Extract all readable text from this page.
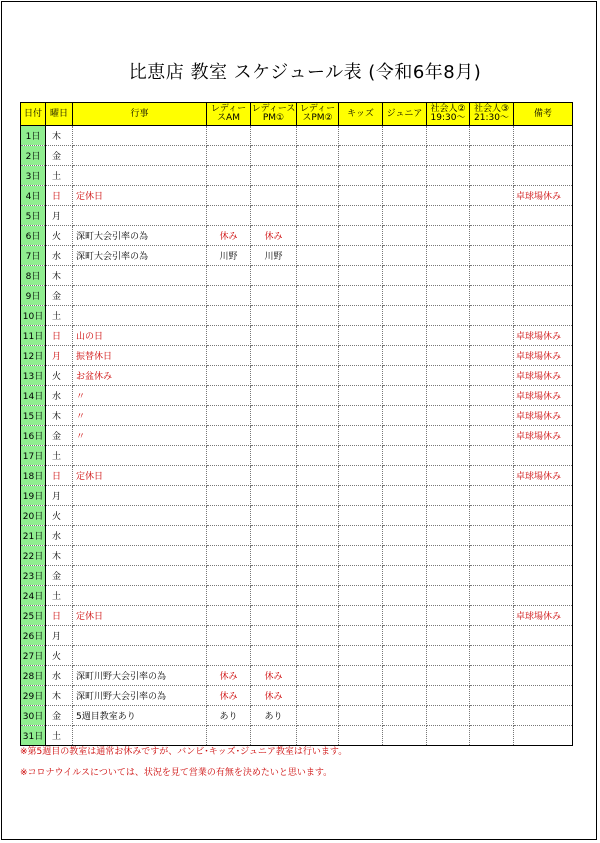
比恵店 教室 スケジュール表 (令和6年8月)
日付	曜日	行事	レディースAM	レディースPM①	レディースPM②	キッズ	ジュニア	社会人② 19:30～	社会人③ 21:30～	備考
1日	木									
2日	金									
3日	土									
4日	日	定休日								卓球場休み
5日	月									
6日	火	深町大会引率の為	休み	休み						
7日	水	深町大会引率の為	川野	川野						
8日	木									
9日	金									
10日	土									
11日	日	山の日								卓球場休み
12日	月	振替休日								卓球場休み
13日	火	お盆休み								卓球場休み
14日	水	〃								卓球場休み
15日	木	〃								卓球場休み
16日	金	〃								卓球場休み
17日	土									
18日	日	定休日								卓球場休み
19日	月									
20日	火									
21日	水									
22日	木									
23日	金									
24日	土									
25日	日	定休日								卓球場休み
26日	月									
27日	火									
28日	水	深町川野大会引率の為	休み	休み						
29日	木	深町川野大会引率の為	休み	休み						
30日	金	5週目教室あり	あり	あり						
31日	土									
※第5週目の教室は通常お休みですが、バンビ･キッズ･ジュニア教室は行います。
※コロナウイルスについては、状況を見て営業の有無を決めたいと思います。
